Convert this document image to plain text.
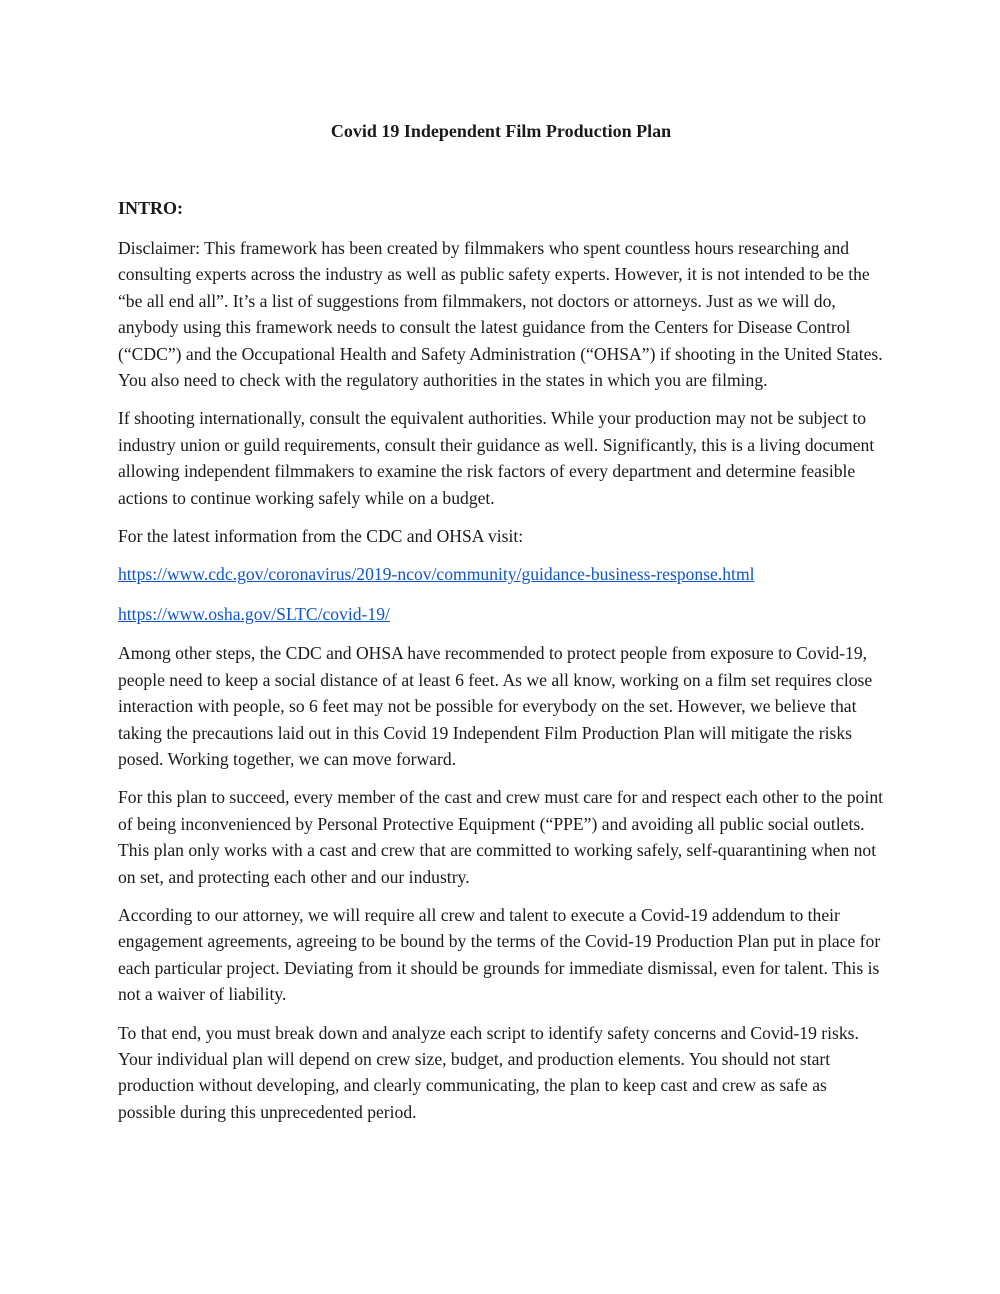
Covid 19 Independent Film Production Plan
INTRO:

Disclaimer: This framework has been created by filmmakers who spent countless hours researching and consulting experts across the industry as well as public safety experts. However, it is not intended to be the “be all end all”. It’s a list of suggestions from filmmakers, not doctors or attorneys. Just as we will do, anybody using this framework needs to consult the latest guidance from the Centers for Disease Control (“CDC”) and the Occupational Health and Safety Administration (“OHSA”) if shooting in the United States. You also need to check with the regulatory authorities in the states in which you are filming.

If shooting internationally, consult the equivalent authorities. While your production may not be subject to industry union or guild requirements, consult their guidance as well. Significantly, this is a living document allowing independent filmmakers to examine the risk factors of every department and determine feasible actions to continue working safely while on a budget.

For the latest information from the CDC and OHSA visit:

https://www.cdc.gov/coronavirus/2019-ncov/community/guidance-business-response.html

https://www.osha.gov/SLTC/covid-19/

Among other steps, the CDC and OHSA have recommended to protect people from exposure to Covid-19, people need to keep a social distance of at least 6 feet. As we all know, working on a film set requires close interaction with people, so 6 feet may not be possible for everybody on the set. However, we believe that taking the precautions laid out in this Covid 19 Independent Film Production Plan will mitigate the risks posed. Working together, we can move forward.

For this plan to succeed, every member of the cast and crew must care for and respect each other to the point of being inconvenienced by Personal Protective Equipment (“PPE”) and avoiding all public social outlets. This plan only works with a cast and crew that are committed to working safely, self-quarantining when not on set, and protecting each other and our industry.

According to our attorney, we will require all crew and talent to execute a Covid-19 addendum to their engagement agreements, agreeing to be bound by the terms of the Covid-19 Production Plan put in place for each particular project. Deviating from it should be grounds for immediate dismissal, even for talent. This is not a waiver of liability.

To that end, you must break down and analyze each script to identify safety concerns and Covid-19 risks. Your individual plan will depend on crew size, budget, and production elements. You should not start production without developing, and clearly communicating, the plan to keep cast and crew as safe as possible during this unprecedented period.
